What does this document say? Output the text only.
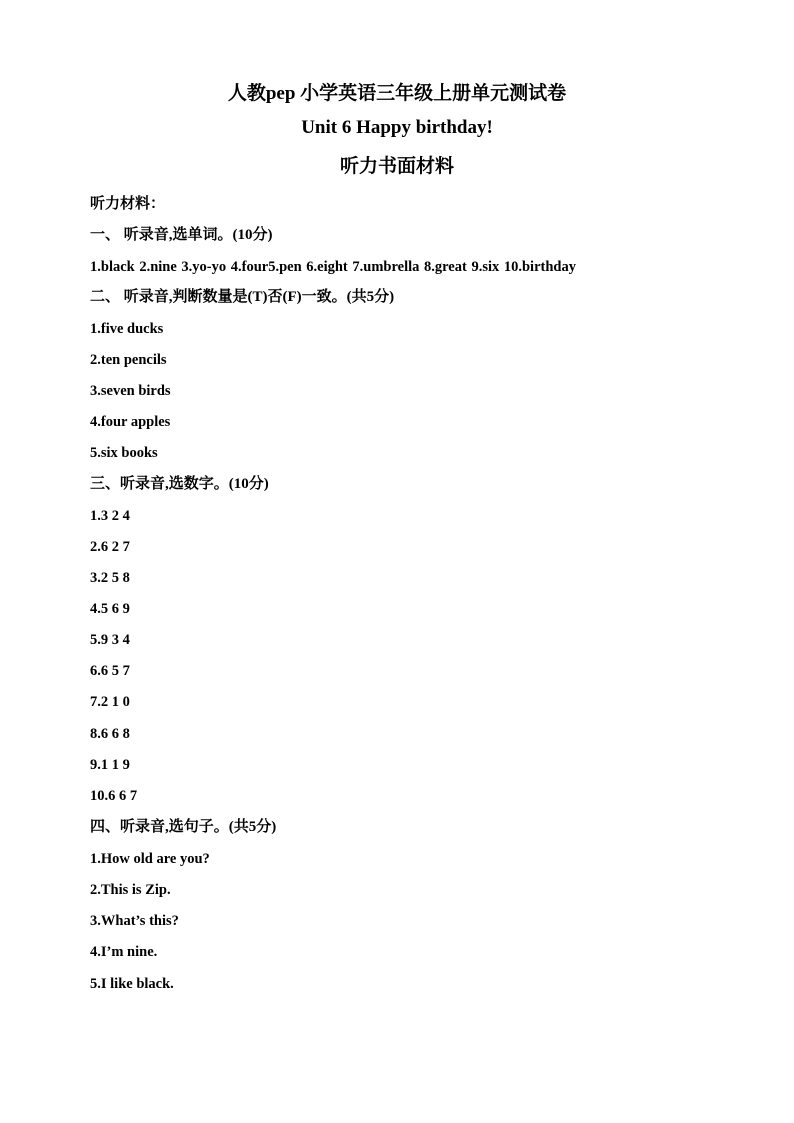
人教pep 小学英语三年级上册单元测试卷
Unit 6 Happy birthday!
听力书面材料
听力材料：
一、 听录音,选单词。(10分)
1.black 2.nine 3.yo-yo 4.four5.pen 6.eight 7.umbrella 8.great 9.six 10.birthday
二、 听录音,判断数量是(T)否(F)一致。(共5分)
1.five ducks
2.ten pencils
3.seven birds
4.four apples
5.six books
三、听录音,选数字。(10分)
1.3 2 4
2.6 2 7
3.2 5 8
4.5 6 9
5.9 3 4
6.6 5 7
7.2 1 0
8.6 6 8
9.1 1 9
10.6 6 7
四、听录音,选句子。(共5分)
1.How old are you?
2.This is Zip.
3.What’s this?
4.I’m nine.
5.I like black.
